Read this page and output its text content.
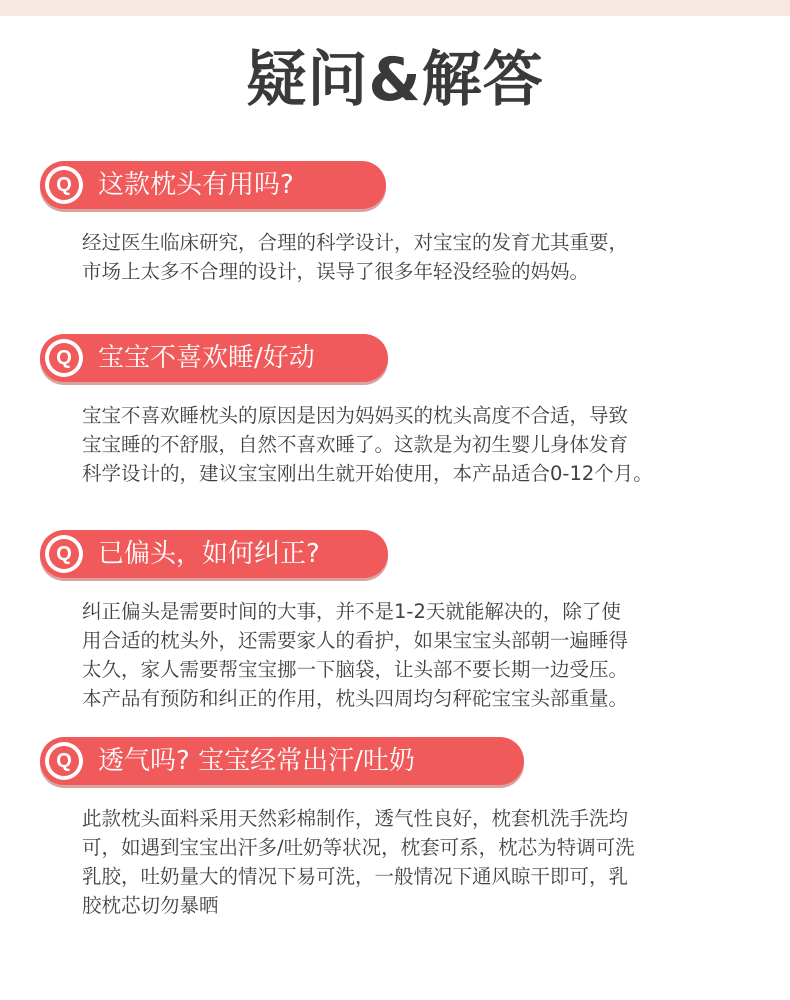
疑问&解答
Q 这款枕头有用吗?

经过医生临床研究，合理的科学设计，对宝宝的发育尤其重要，

市场上太多不合理的设计，误导了很多年轻没经验的妈妈。

Q 宝宝不喜欢睡/好动

宝宝不喜欢睡枕头的原因是因为妈妈买的枕头高度不合适，导致

宝宝睡的不舒服，自然不喜欢睡了。这款是为初生婴儿身体发育

科学设计的，建议宝宝刚出生就开始使用，本产品适合0-12个月。

Q 已偏头，如何纠正?

纠正偏头是需要时间的大事，并不是1-2天就能解决的，除了使

用合适的枕头外，还需要家人的看护，如果宝宝头部朝一遍睡得

太久，家人需要帮宝宝挪一下脑袋，让头部不要长期一边受压。

本产品有预防和纠正的作用，枕头四周均匀秤砣宝宝头部重量。

Q 透气吗? 宝宝经常出汗/吐奶

此款枕头面料采用天然彩棉制作，透气性良好，枕套机洗手洗均

可，如遇到宝宝出汗多/吐奶等状况，枕套可系，枕芯为特调可洗

乳胶，吐奶量大的情况下易可洗，一般情况下通风晾干即可，乳

胶枕芯切勿暴晒
